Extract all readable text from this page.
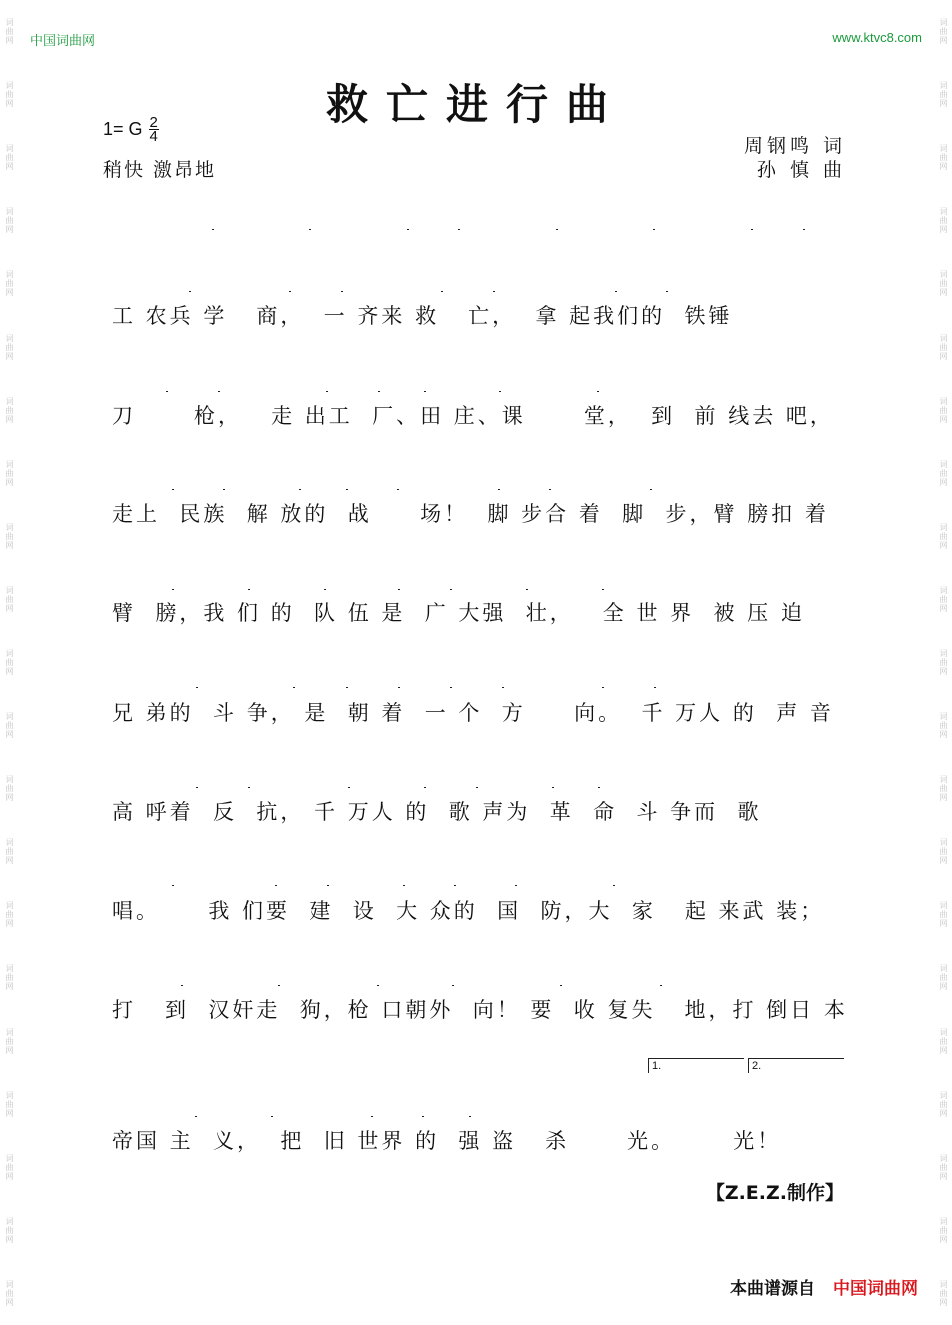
词曲网
词曲网
词曲网
词曲网
词曲网
词曲网
词曲网
词曲网
词曲网
词曲网
词曲网
词曲网
词曲网
词曲网
词曲网
词曲网
词曲网
词曲网
词曲网
词曲网
词曲网
词曲网
词曲网
词曲网
词曲网
词曲网
词曲网
词曲网
词曲网
词曲网
词曲网
词曲网
词曲网
词曲网
词曲网
词曲网
词曲网
词曲网
词曲网
词曲网
词曲网
词曲网
中国词曲网	www.ktvc8.com
救亡进行曲
1= G 2
4
稍快 激昂地
周钢鸣 词
孙 慎 曲

工 农兵 学   商，  一 齐来 救   亡，  拿 起我们的  铁锤

刀      枪，   走 出工  厂、田 庄、课      堂，  到  前 线去 吧，

走上  民族  解 放的  战     场！  脚 步合 着  脚  步，臂 膀扣 着

臂  膀，我 们 的  队 伍 是  广 大强  壮，   全 世 界  被 压 迫

兄 弟的  斗 争， 是  朝 着  一 个  方     向。  千 万人 的  声 音

高 呼着  反  抗， 千 万人 的  歌 声为  革  命  斗 争而  歌

唱。     我 们要  建  设  大 众的  国  防，大  家   起 来武 装；

打   到  汉奸走  狗，枪 口朝外  向！ 要  收 复失   地，打 倒日 本
1.	2.

帝国 主  义，  把  旧 世界 的  强 盗   杀      光。      光！
【Z.E.Z.制作】
本曲谱源自 中国词曲网
